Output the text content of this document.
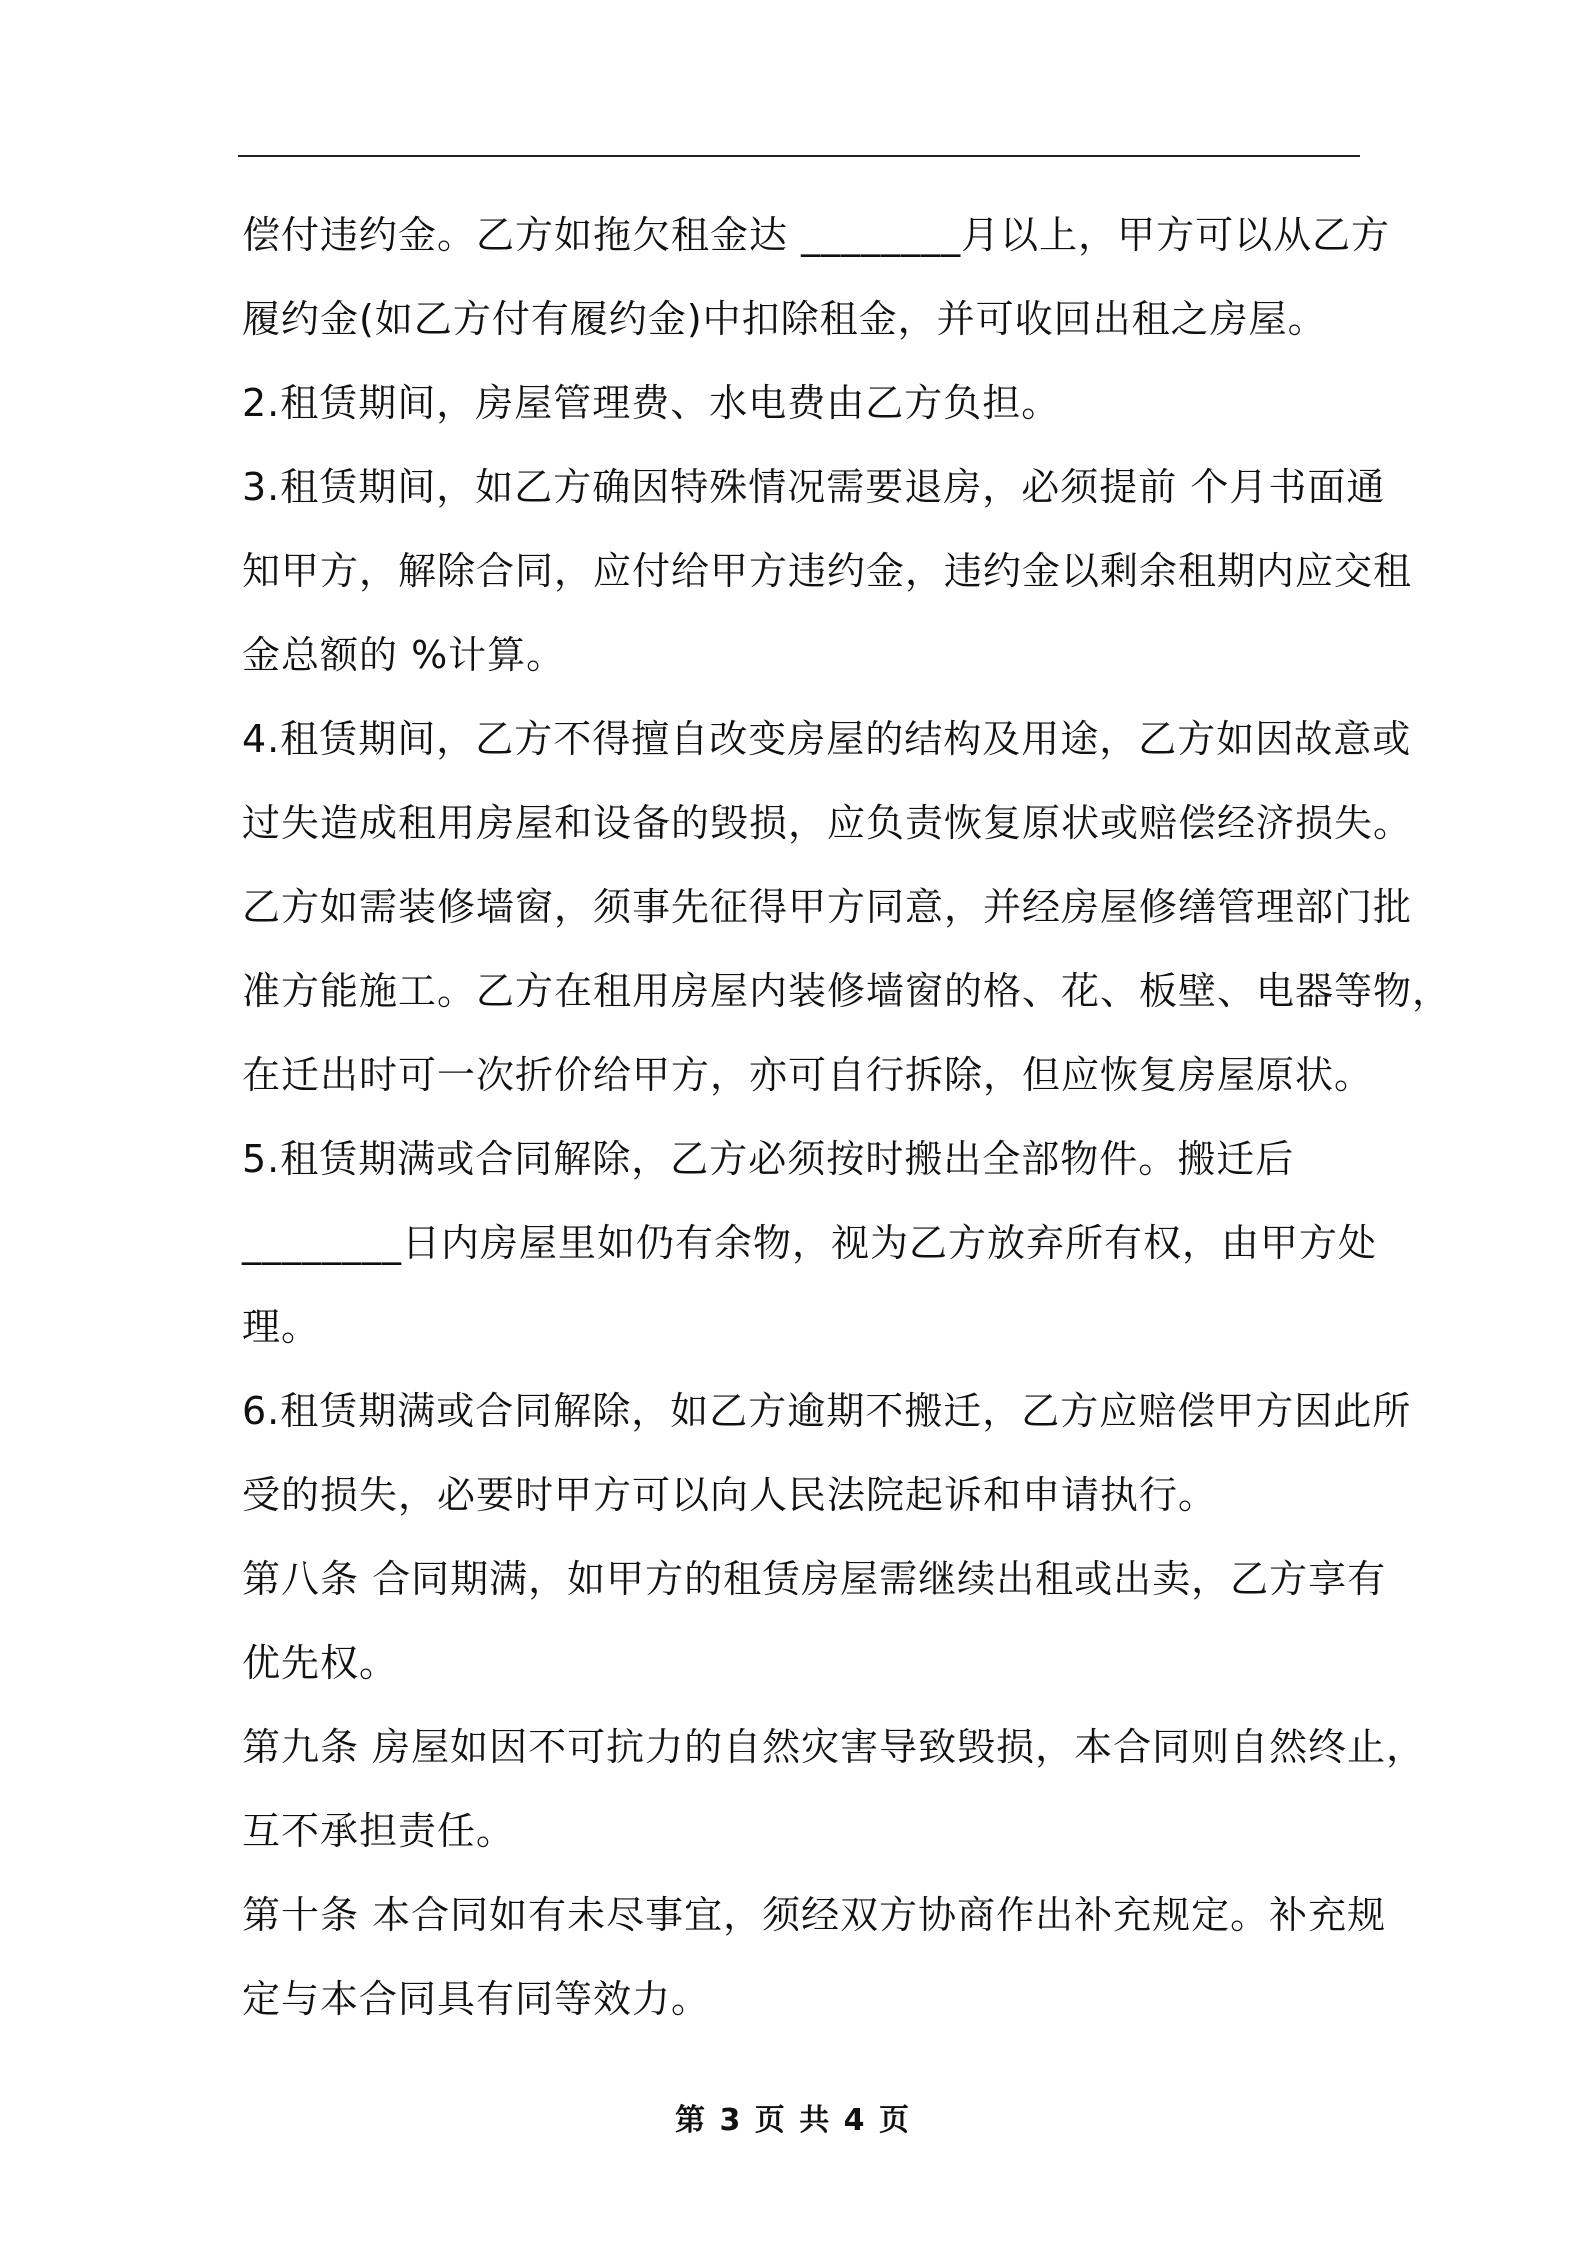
偿付违约金。乙方如拖欠租金达 ________月以上，甲方可以从乙方
履约金(如乙方付有履约金)中扣除租金，并可收回出租之房屋。
2.租赁期间，房屋管理费、水电费由乙方负担。
3.租赁期间，如乙方确因特殊情况需要退房，必须提前 个月书面通
知甲方，解除合同，应付给甲方违约金，违约金以剩余租期内应交租
金总额的 %计算。
4.租赁期间，乙方不得擅自改变房屋的结构及用途，乙方如因故意或
过失造成租用房屋和设备的毁损，应负责恢复原状或赔偿经济损失。
乙方如需装修墙窗，须事先征得甲方同意，并经房屋修缮管理部门批
准方能施工。乙方在租用房屋内装修墙窗的格、花、板壁、电器等物，
在迁出时可一次折价给甲方，亦可自行拆除，但应恢复房屋原状。
5.租赁期满或合同解除，乙方必须按时搬出全部物件。搬迁后
________日内房屋里如仍有余物，视为乙方放弃所有权，由甲方处
理。
6.租赁期满或合同解除，如乙方逾期不搬迁，乙方应赔偿甲方因此所
受的损失，必要时甲方可以向人民法院起诉和申请执行。
第八条 合同期满，如甲方的租赁房屋需继续出租或出卖，乙方享有
优先权。
第九条 房屋如因不可抗力的自然灾害导致毁损，本合同则自然终止，
互不承担责任。
第十条 本合同如有未尽事宜，须经双方协商作出补充规定。补充规
定与本合同具有同等效力。
第 3 页 共 4 页
